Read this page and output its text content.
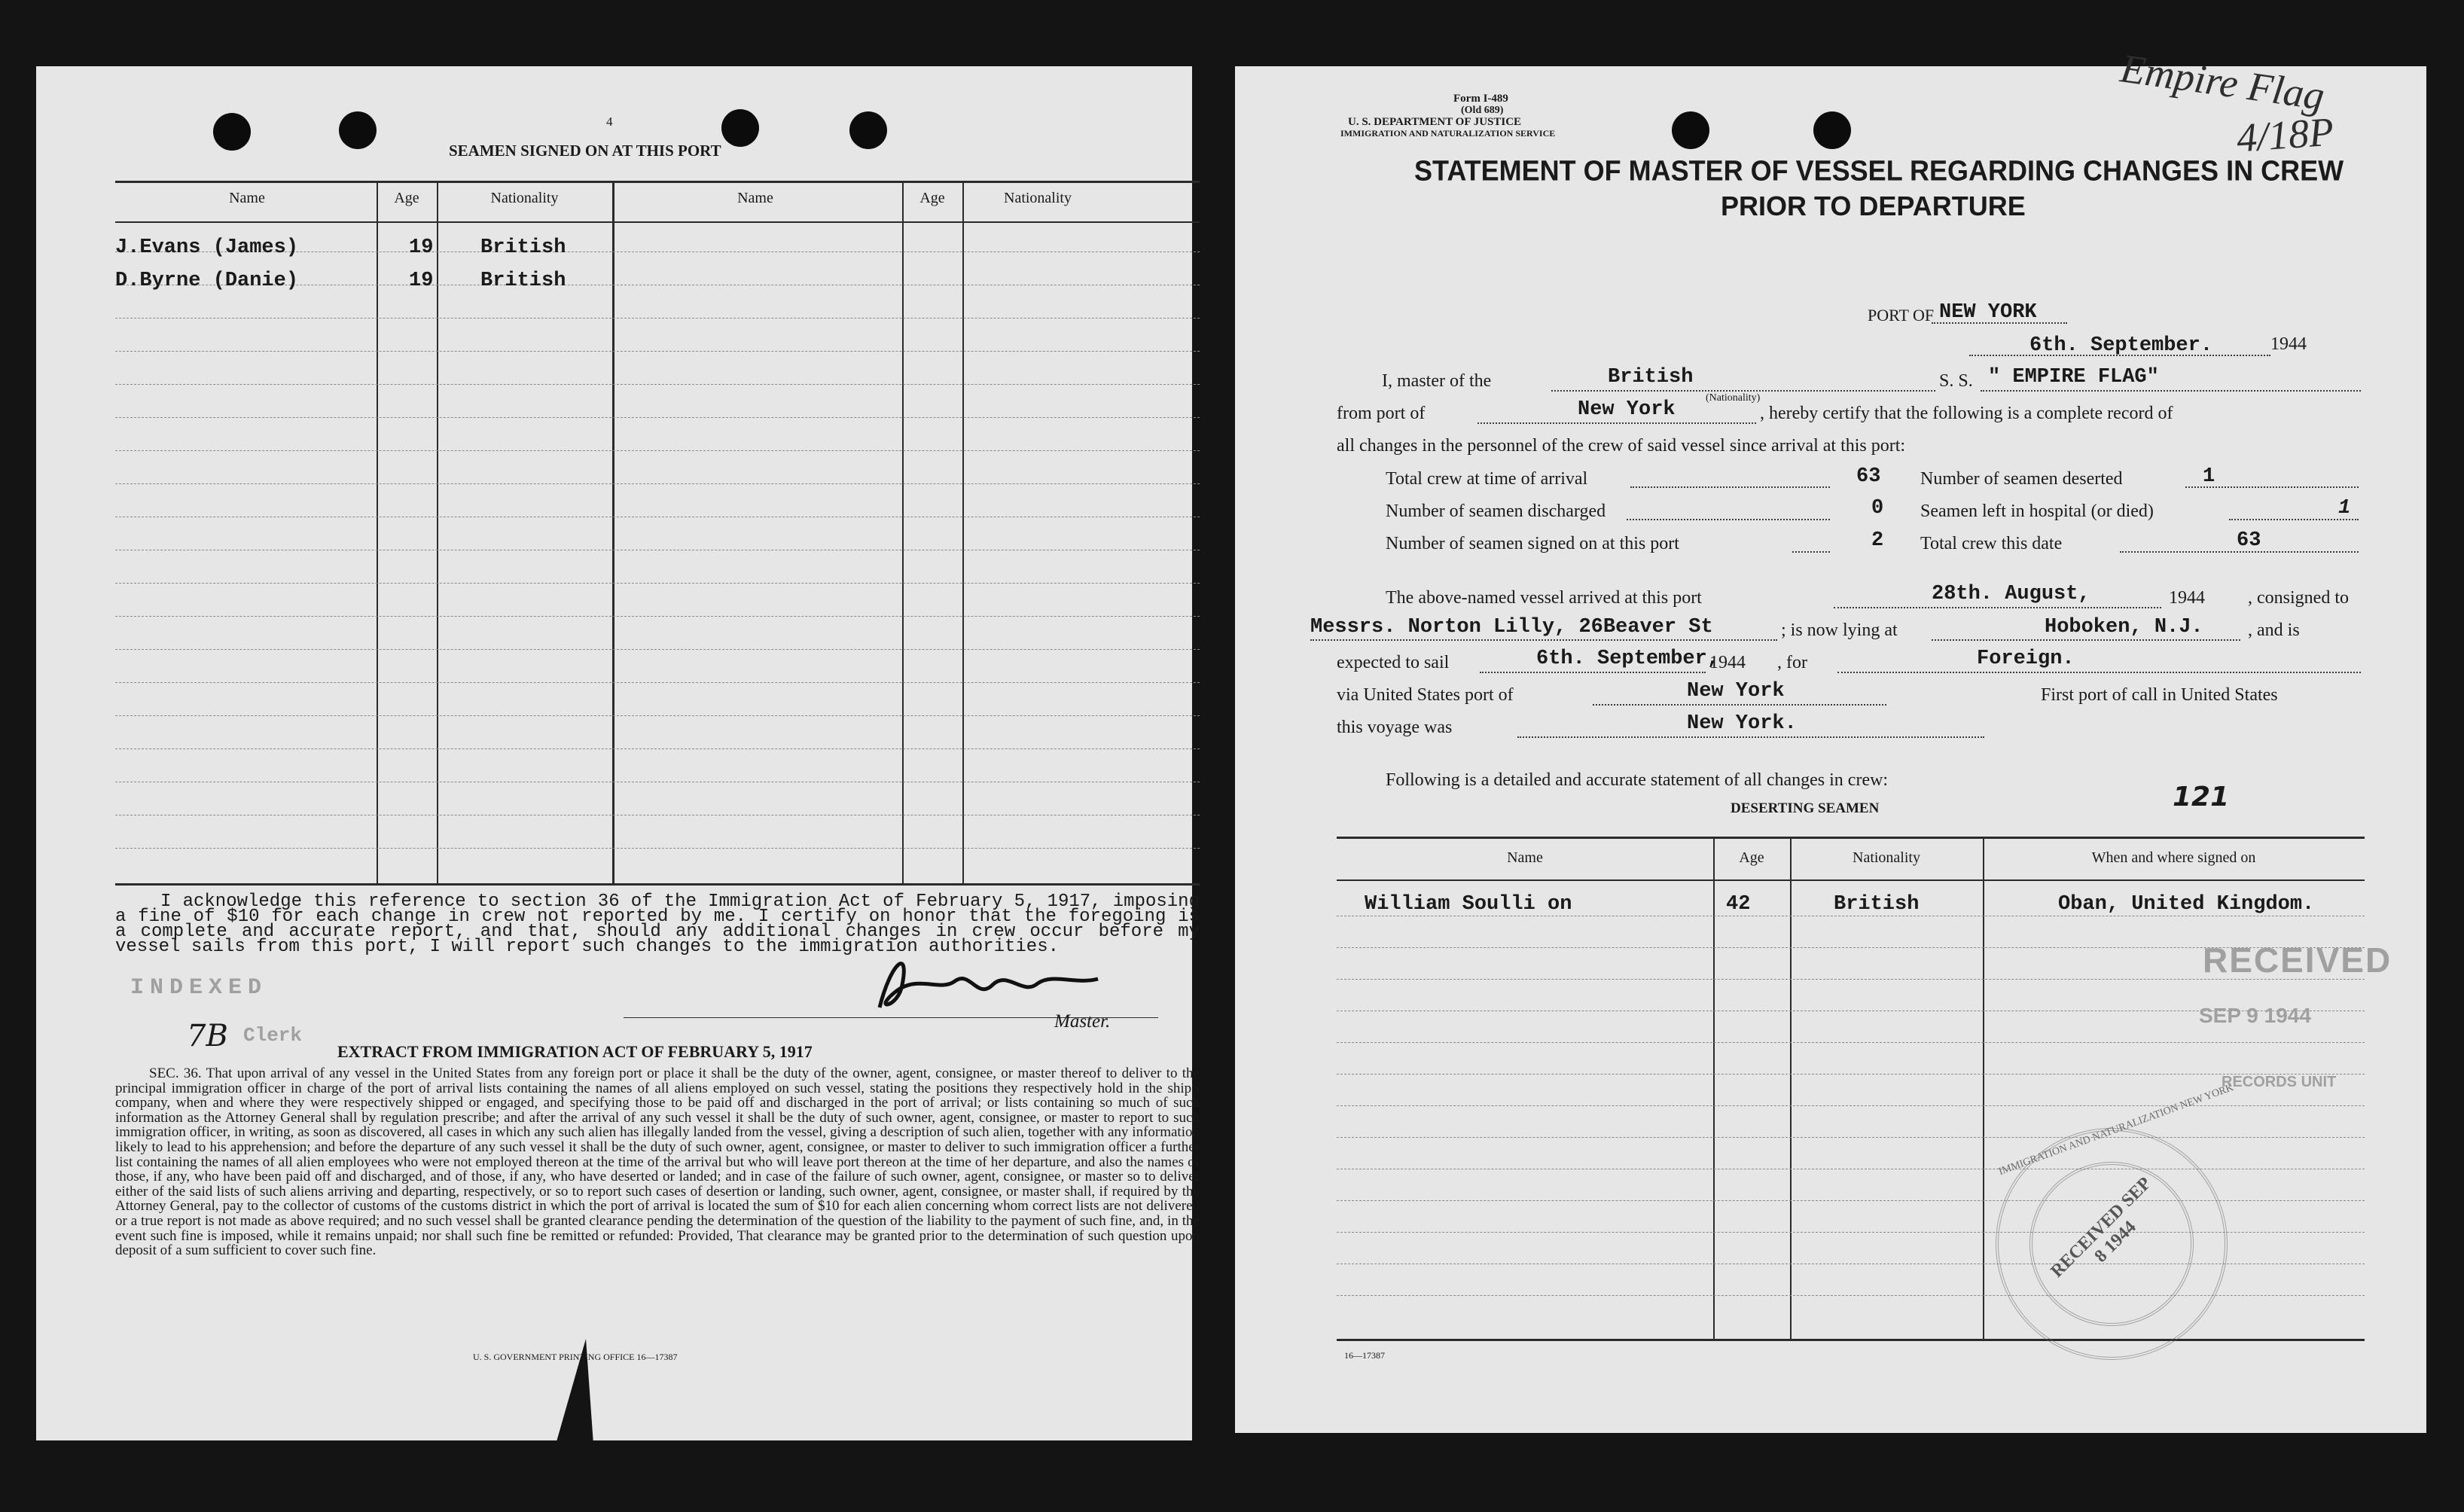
4
SEAMEN SIGNED ON AT THIS PORT
Name	Age	Nationality	Name	Age	Nationality
J.Evans (James)	19 British
D.Byrne (Danie)	19 British
I acknowledge this reference to section 36 of the Immigration Act of February 5, 1917, imposing a fine of $10 for each change in crew not reported by me. I certify on honor that the foregoing is a complete and accurate report, and that, should any additional changes in crew occur before my vessel sails from this port, I will report such changes to the immigration authorities.
INDEXED
7B Clerk
Master.
EXTRACT FROM IMMIGRATION ACT OF FEBRUARY 5, 1917
SEC. 36. That upon arrival of any vessel in the United States from any foreign port or place it shall be the duty of the owner, agent, consignee, or master thereof to deliver to the principal immigration officer in charge of the port of arrival lists containing the names of all aliens employed on such vessel, stating the positions they respectively hold in the ship's company, when and where they were respectively shipped or engaged, and specifying those to be paid off and discharged in the port of arrival; or lists containing so much of such information as the Attorney General shall by regulation prescribe; and after the arrival of any such vessel it shall be the duty of such owner, agent, consignee, or master to report to such immigration officer, in writing, as soon as discovered, all cases in which any such alien has illegally landed from the vessel, giving a description of such alien, together with any information likely to lead to his apprehension; and before the departure of any such vessel it shall be the duty of such owner, agent, consignee, or master to deliver to such immigration officer a further list containing the names of all alien employees who were not employed thereon at the time of the arrival but who will leave port thereon at the time of her departure, and also the names of those, if any, who have been paid off and discharged, and of those, if any, who have deserted or landed; and in case of the failure of such owner, agent, consignee, or master so to deliver either of the said lists of such aliens arriving and departing, respectively, or so to report such cases of desertion or landing, such owner, agent, consignee, or master shall, if required by the Attorney General, pay to the collector of customs of the customs district in which the port of arrival is located the sum of $10 for each alien concerning whom correct lists are not delivered or a true report is not made as above required; and no such vessel shall be granted clearance pending the determination of the question of the liability to the payment of such fine, and, in the event such fine is imposed, while it remains unpaid; nor shall such fine be remitted or refunded: Provided, That clearance may be granted prior to the determination of such question upon deposit of a sum sufficient to cover such fine.
U. S. GOVERNMENT PRINTING OFFICE 16—17387
Form I-489
(Old 689)
U. S. DEPARTMENT OF JUSTICE
IMMIGRATION AND NATURALIZATION SERVICE
STATEMENT OF MASTER OF VESSEL REGARDING CHANGES IN CREW
PRIOR TO DEPARTURE
Empire Flag
4/18P
PORT OF NEW YORK
6th. September.	1944
I, master of the	British
(Nationality)
S. S. " EMPIRE FLAG"
from port of	New York	, hereby certify that the following is a complete record of
all changes in the personnel of the crew of said vessel since arrival at this port:
Total crew at time of arrival	63 Number of seamen deserted	1
Number of seamen discharged	0 Seamen left in hospital (or died)	1
Number of seamen signed on at this port	2 Total crew this date	63
The above-named vessel arrived at this port	28th. August,	1944 , consigned to
Messrs. Norton Lilly, 26Beaver St	; is now lying at	Hoboken, N.J. , and is
expected to sail	6th. September,
1944 , for	Foreign.
via United States port of	New York	First port of call in United States
this voyage was	New York.
Following is a detailed and accurate statement of all changes in crew:
121
DESERTING SEAMEN
Name	Age	Nationality	When and where signed on
William Soulli on	42	British	Oban, United Kingdom.
RECEIVED
SEP 9 1944
RECORDS UNIT
RECEIVED SEP 8 1944
IMMIGRATION AND NATURALIZATION NEW YORK
16—17387
